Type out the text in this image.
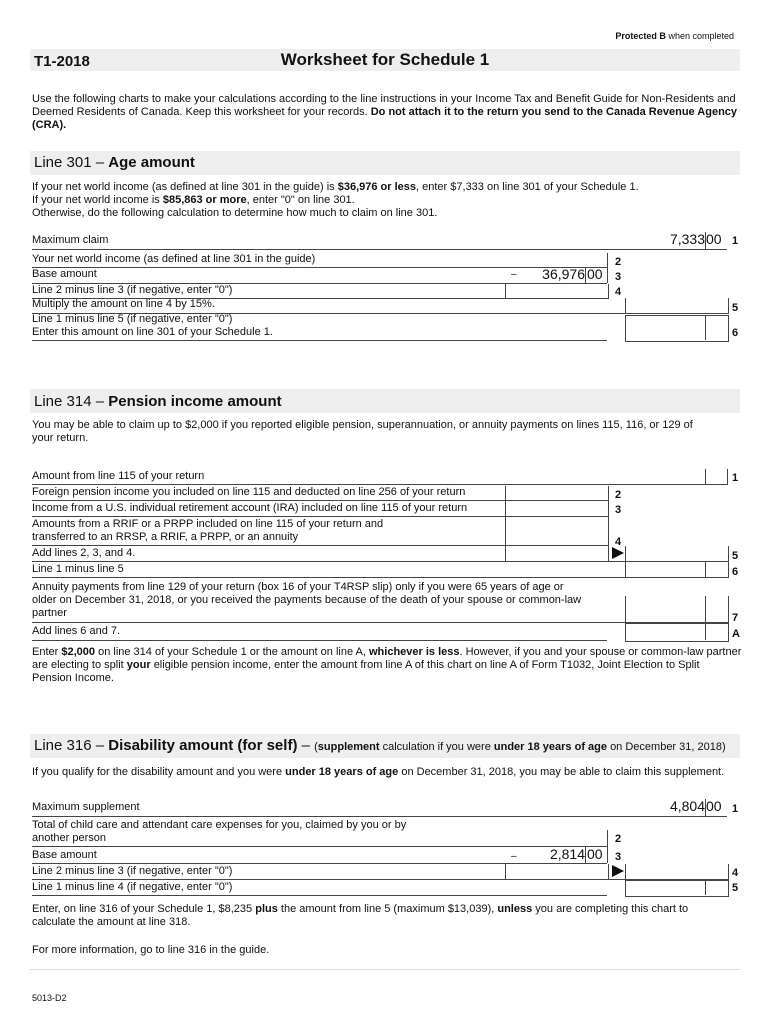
Protected B when completed
T1-2018	Worksheet for Schedule 1

Use the following charts to make your calculations according to the line instructions in your Income Tax and Benefit Guide for Non-Residents and Deemed Residents of Canada. Keep this worksheet for your records. Do not attach it to the return you send to the Canada Revenue Agency (CRA).

Line 301 – Age amount

If your net world income (as defined at line 301 in the guide) is $36,976 or less, enter $7,333 on line 301 of your Schedule 1.

If your net world income is $85,863 or more, enter "0" on line 301.

Otherwise, do the following calculation to determine how much to claim on line 301.

Maximum claim	7,333 00 1
Your net world income (as defined at line 301 in the guide)	2
Base amount	–	36,976 00 3
Line 2 minus line 3 (if negative, enter "0")	4
Multiply the amount on line 4 by 15%.	5
Line 1 minus line 5 (if negative, enter "0")
Enter this amount on line 301 of your Schedule 1.	6
Line 314 – Pension income amount

You may be able to claim up to $2,000 if you reported eligible pension, superannuation, or annuity payments on lines 115, 116, or 129 of your return.

Amount from line 115 of your return	1
Foreign pension income you included on line 115 and deducted on line 256 of your return	2
Income from a U.S. individual retirement account (IRA) included on line 115 of your return	3
Amounts from a RRIF or a PRPP included on line 115 of your return and
transferred to an RRSP, a RRIF, a PRPP, or an annuity	4
Add lines 2, 3, and 4.	5
Line 1 minus line 5	6
Annuity payments from line 129 of your return (box 16 of your T4RSP slip) only if you were 65 years of age or
older on December 31, 2018, or you received the payments because of the death of your spouse or common-law
partner	7
Add lines 6 and 7.	A

Enter $2,000 on line 314 of your Schedule 1 or the amount on line A, whichever is less. However, if you and your spouse or common-law partner are electing to split your eligible pension income, enter the amount from line A of this chart on line A of Form T1032, Joint Election to Split Pension Income.

Line 316 – Disability amount (for self) – (supplement calculation if you were under 18 years of age on December 31, 2018)

If you qualify for the disability amount and you were under 18 years of age on December 31, 2018, you may be able to claim this supplement.

Maximum supplement	4,804 00 1
Total of child care and attendant care expenses for you, claimed by you or by
another person	2
Base amount	–	2,814 00 3
Line 2 minus line 3 (if negative, enter "0")	4
Line 1 minus line 4 (if negative, enter "0")	5

Enter, on line 316 of your Schedule 1, $8,235 plus the amount from line 5 (maximum $13,039), unless you are completing this chart to calculate the amount at line 318.

For more information, go to line 316 in the guide.

5013-D2
